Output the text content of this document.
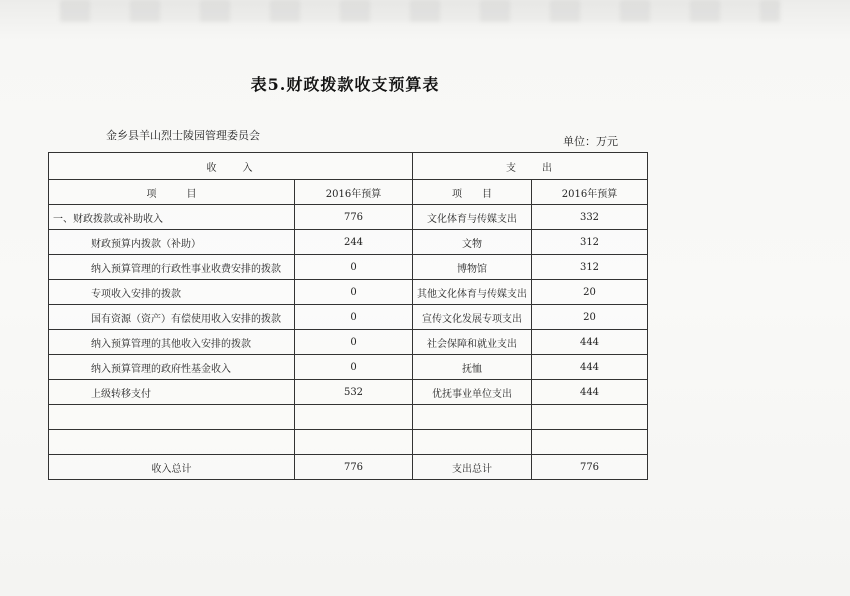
表5.财政拨款收支预算表
金乡县羊山烈士陵园管理委员会	单位：万元
收　　入		支　　出	
项　　　目	2016年预算	项　　目	2016年预算
一、财政拨款或补助收入	776	文化体育与传媒支出	332
财政预算内拨款（补助）	244	文物	312
纳入预算管理的行政性事业收费安排的拨款	0	博物馆	312
专项收入安排的拨款	0	其他文化体育与传媒支出	20
国有资源（资产）有偿使用收入安排的拨款	0	宣传文化发展专项支出	20
纳入预算管理的其他收入安排的拨款	0	社会保障和就业支出	444
纳入预算管理的政府性基金收入	0	抚恤	444
上级转移支付	532	优抚事业单位支出	444

收入总计	776	支出总计	776
